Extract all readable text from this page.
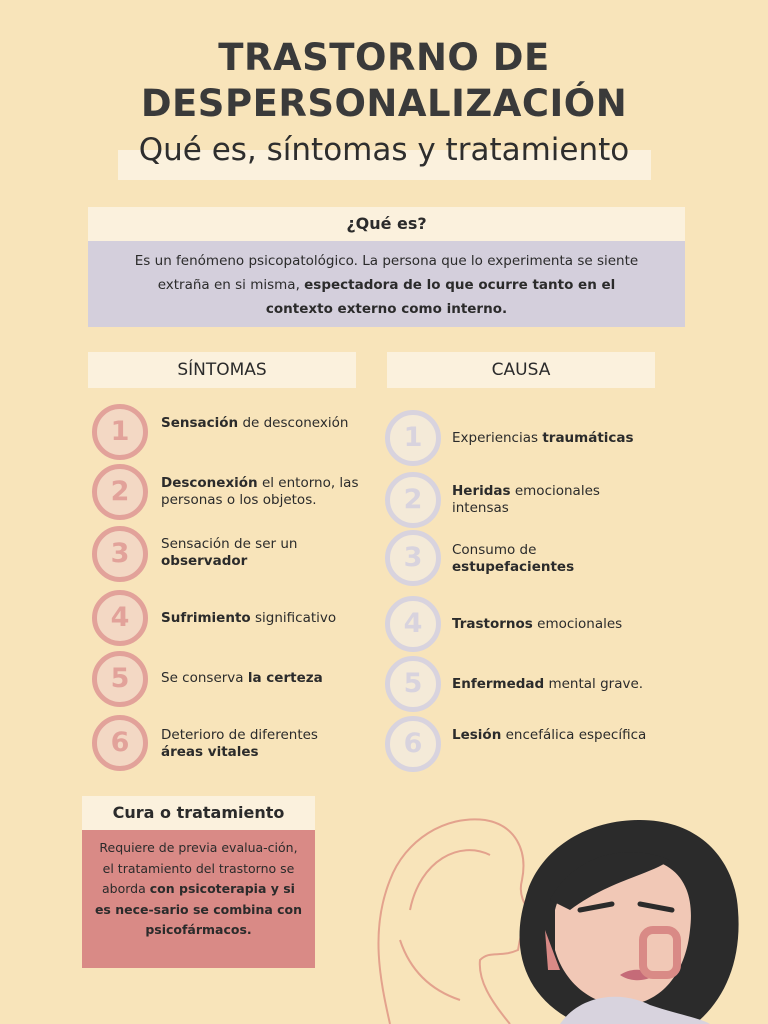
TRASTORNO DE
DESPERSONALIZACIÓN
Qué es, síntomas y tratamiento
¿Qué es?
Es un fenómeno psicopatológico. La persona que lo experimenta se siente extraña en si misma, espectadora de lo que ocurre tanto en el contexto externo como interno.
SÍNTOMAS	CAUSA
1	Sensación de desconexión
2	Desconexión el entorno, las personas o los objetos.
3	Sensación de ser un observador
4	Sufrimiento significativo
5	Se conserva la certeza
6	Deterioro de diferentes áreas vitales
1	Experiencias traumáticas
2	Heridas emocionales intensas
3	Consumo de estupefacientes
4	Trastornos emocionales
5	Enfermedad mental grave.
6	Lesión encefálica específica
Cura o tratamiento
Requiere de previa evalua-ción, el tratamiento del trastorno se aborda con psicoterapia y si es nece-sario se combina con psicofármacos.
